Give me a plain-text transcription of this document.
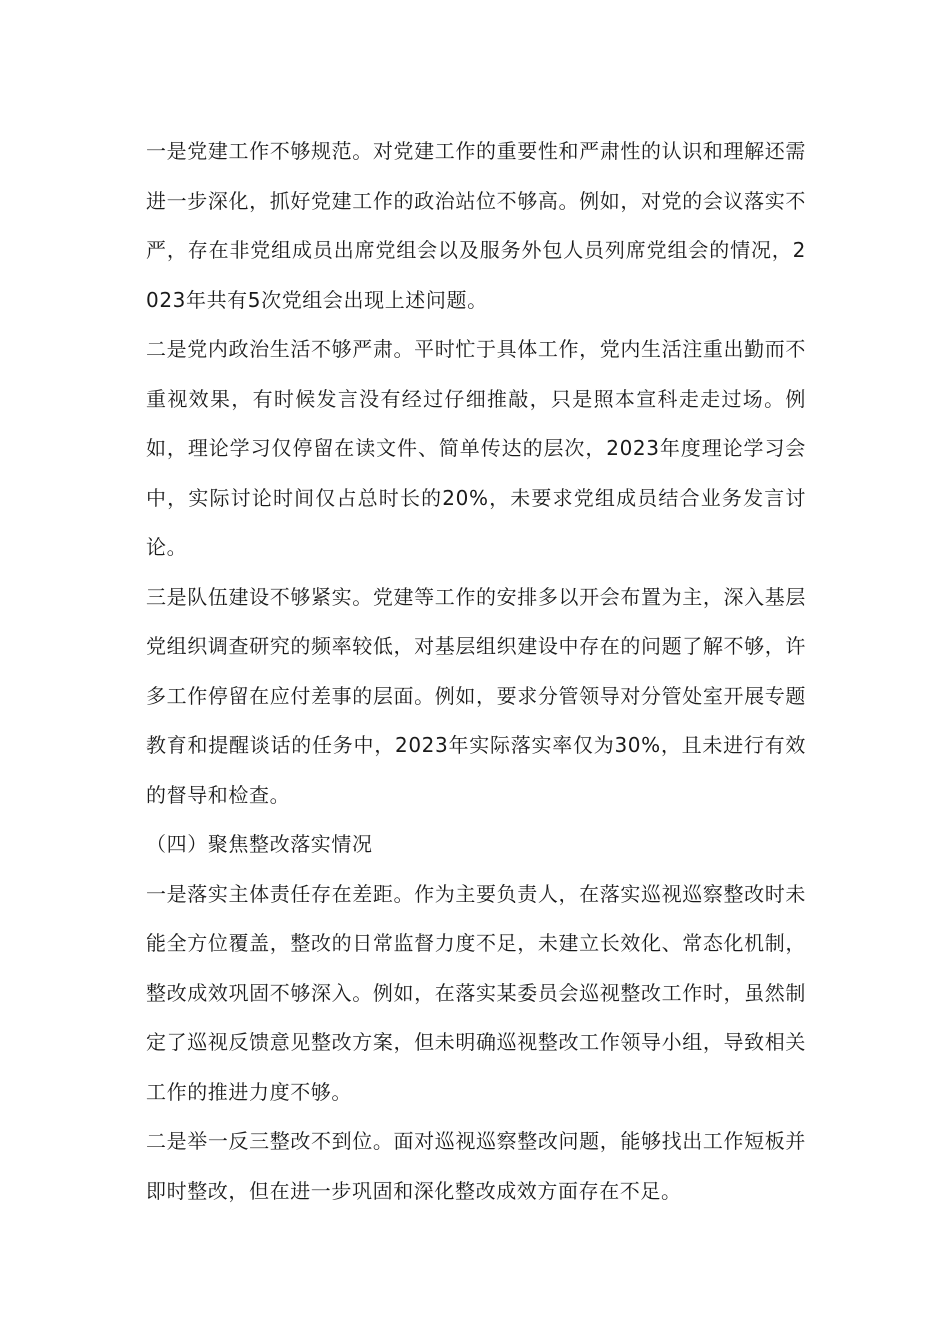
一是党建工作不够规范。对党建工作的重要性和严肃性的认识和理解还需进一步深化，抓好党建工作的政治站位不够高。例如，对党的会议落实不严，存在非党组成员出席党组会以及服务外包人员列席党组会的情况，2023年共有5次党组会出现上述问题。

二是党内政治生活不够严肃。平时忙于具体工作，党内生活注重出勤而不重视效果，有时候发言没有经过仔细推敲，只是照本宣科走走过场。例如，理论学习仅停留在读文件、简单传达的层次，2023年度理论学习会中，实际讨论时间仅占总时长的20%，未要求党组成员结合业务发言讨论。

三是队伍建设不够紧实。党建等工作的安排多以开会布置为主，深入基层党组织调查研究的频率较低，对基层组织建设中存在的问题了解不够，许多工作停留在应付差事的层面。例如，要求分管领导对分管处室开展专题教育和提醒谈话的任务中，2023年实际落实率仅为30%，且未进行有效的督导和检查。

（四）聚焦整改落实情况

一是落实主体责任存在差距。作为主要负责人，在落实巡视巡察整改时未能全方位覆盖，整改的日常监督力度不足，未建立长效化、常态化机制，整改成效巩固不够深入。例如，在落实某委员会巡视整改工作时，虽然制定了巡视反馈意见整改方案，但未明确巡视整改工作领导小组，导致相关工作的推进力度不够。

二是举一反三整改不到位。面对巡视巡察整改问题，能够找出工作短板并即时整改，但在进一步巩固和深化整改成效方面存在不足。
